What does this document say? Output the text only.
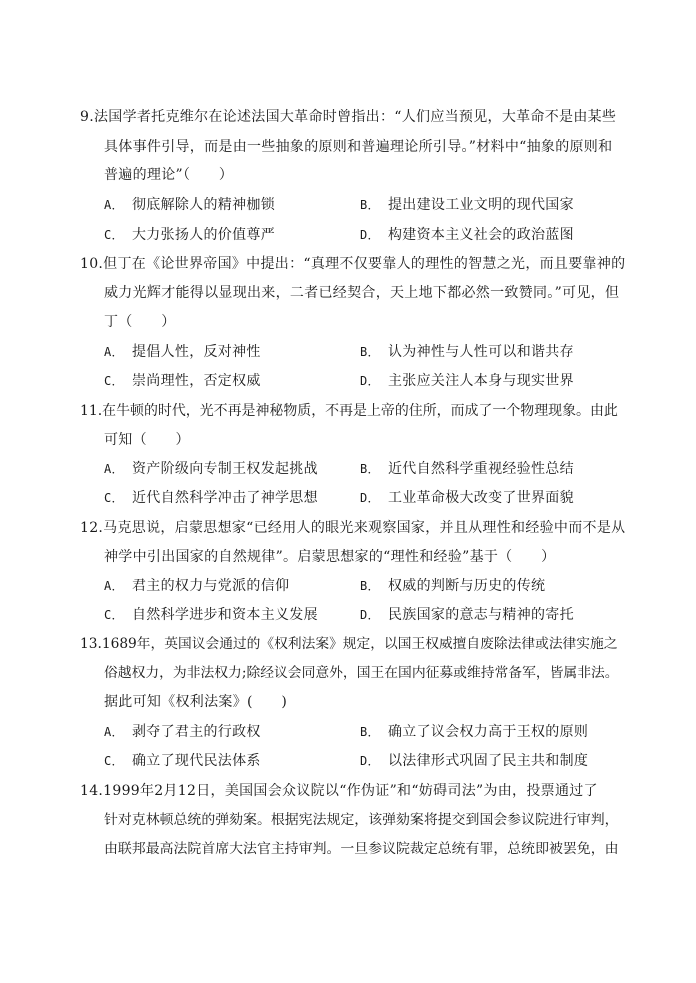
9.法国学者托克维尔在论述法国大革命时曾指出：“人们应当预见，大革命不是由某些
具体事件引导，而是由一些抽象的原则和普遍理论所引导。”材料中“抽象的原则和
普遍的理论”（　　）
A． 彻底解除人的精神枷锁	B． 提出建设工业文明的现代国家
C． 大力张扬人的价值尊严	D． 构建资本主义社会的政治蓝图
10.但丁在《论世界帝国》中提出：“真理不仅要靠人的理性的智慧之光，而且要靠神的
威力光辉才能得以显现出来，二者已经契合，天上地下都必然一致赞同。”可见，但
丁（　　）
A． 提倡人性，反对神性	B． 认为神性与人性可以和谐共存
C． 崇尚理性，否定权威	D． 主张应关注人本身与现实世界
11.在牛顿的时代，光不再是神秘物质，不再是上帝的住所，而成了一个物理现象。由此
可知（　　）
A． 资产阶级向专制王权发起挑战	B． 近代自然科学重视经验性总结
C． 近代自然科学冲击了神学思想	D． 工业革命极大改变了世界面貌
12.马克思说，启蒙思想家“已经用人的眼光来观察国家，并且从理性和经验中而不是从
神学中引出国家的自然规律”。启蒙思想家的“理性和经验”基于（　　）
A． 君主的权力与党派的信仰	B． 权威的判断与历史的传统
C． 自然科学进步和资本主义发展	D． 民族国家的意志与精神的寄托
13.1689年，英国议会通过的《权利法案》规定，以国王权威擅自废除法律或法律实施之
俗越权力，为非法权力;除经议会同意外，国王在国内征募或维持常备军，皆属非法。
据此可知《权利法案》(　　)
A． 剥夺了君主的行政权	B． 确立了议会权力高于王权的原则
C． 确立了现代民法体系	D． 以法律形式巩固了民主共和制度
14.1999年2月12日，美国国会众议院以“作伪证”和“妨碍司法”为由，投票通过了
针对克林顿总统的弹劾案。根据宪法规定，该弹劾案将提交到国会参议院进行审判，
由联邦最高法院首席大法官主持审判。一旦参议院裁定总统有罪，总统即被罢免，由
